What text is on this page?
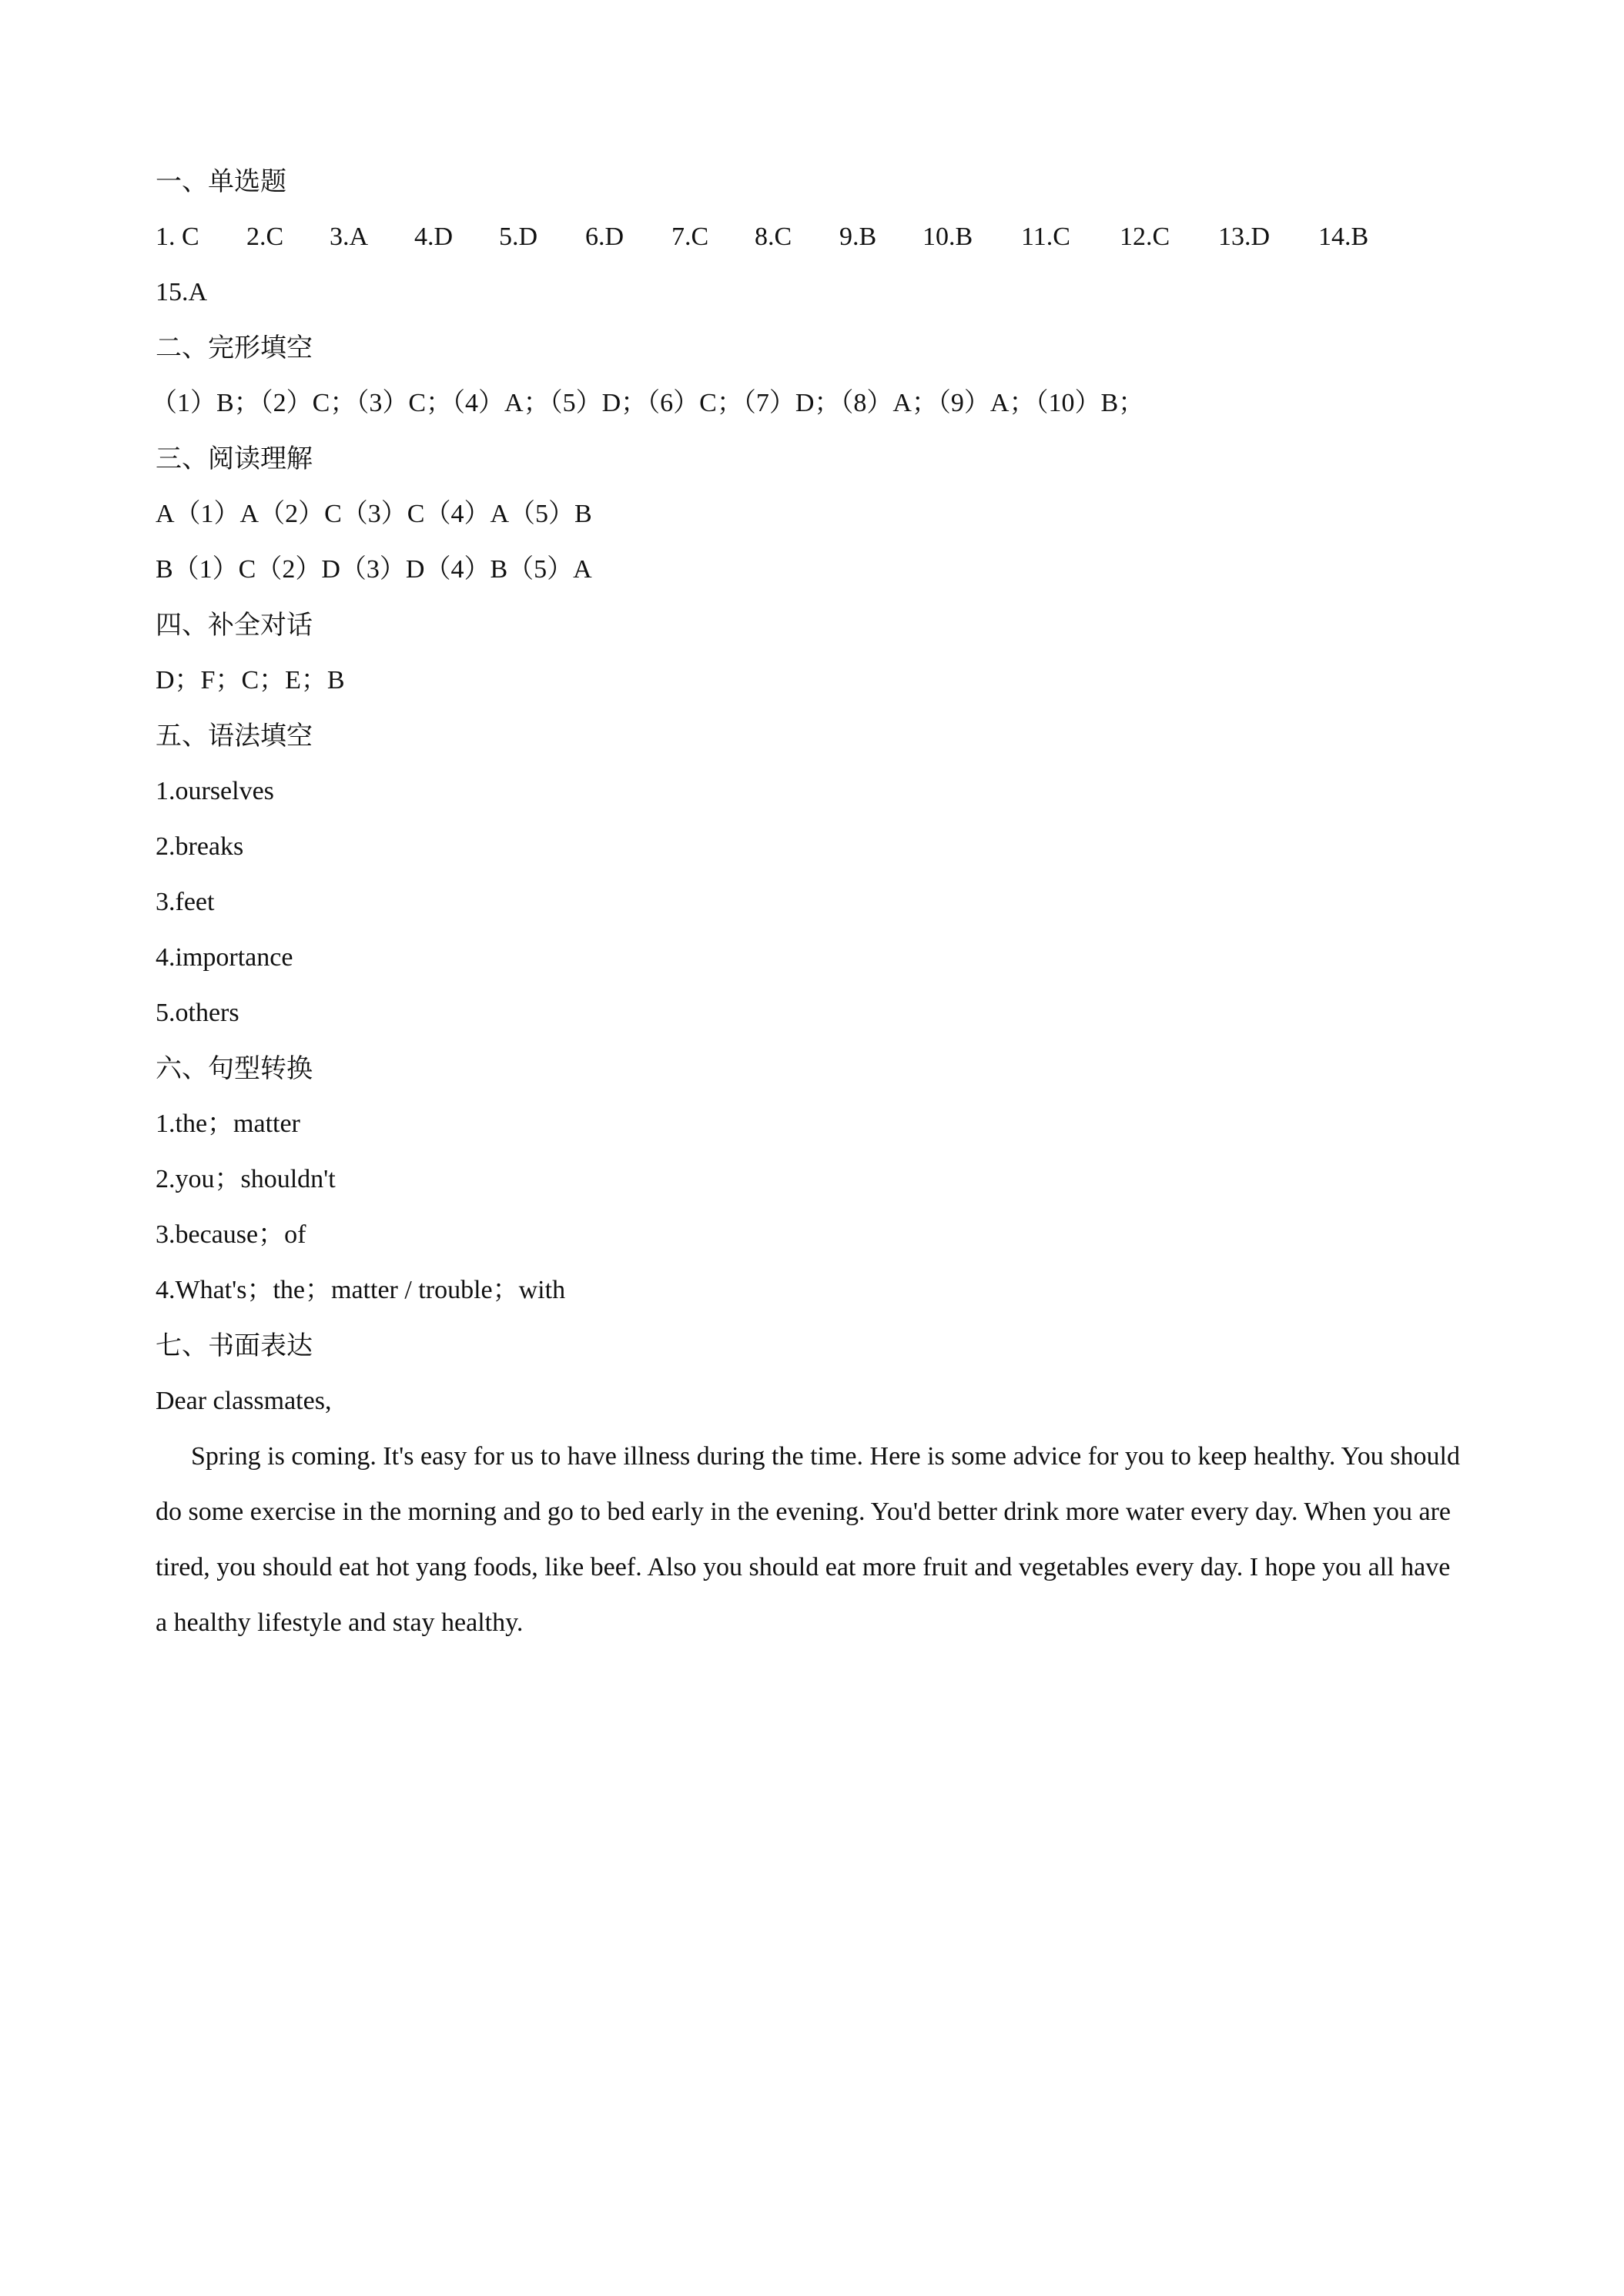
一、单选题
1. C 2.C 3.A 4.D 5.D 6.D 7.C 8.C 9.B 10.B 11.C 12.C 13.D 14.B
15.A
二、完形填空
（1）B；（2）C；（3）C；（4）A；（5）D；（6）C；（7）D；（8）A；（9）A；（10）B；
三、阅读理解
A（1）A（2）C（3）C（4）A（5）B
B（1）C（2）D（3）D（4）B（5）A
四、补全对话
D；F；C；E；B
五、语法填空
1.ourselves
2.breaks
3.feet
4.importance
5.others
六、句型转换
1.the；matter
2.you；shouldn't
3.because；of
4.What's；the；matter / trouble；with
七、书面表达
Dear classmates,

Spring is coming. It's easy for us to have illness during the time. Here is some advice for you to keep healthy. You should do some exercise in the morning and go to bed early in the evening. You'd better drink more water every day. When you are tired, you should eat hot yang foods, like beef. Also you should eat more fruit and vegetables every day. I hope you all have a healthy lifestyle and stay healthy.
